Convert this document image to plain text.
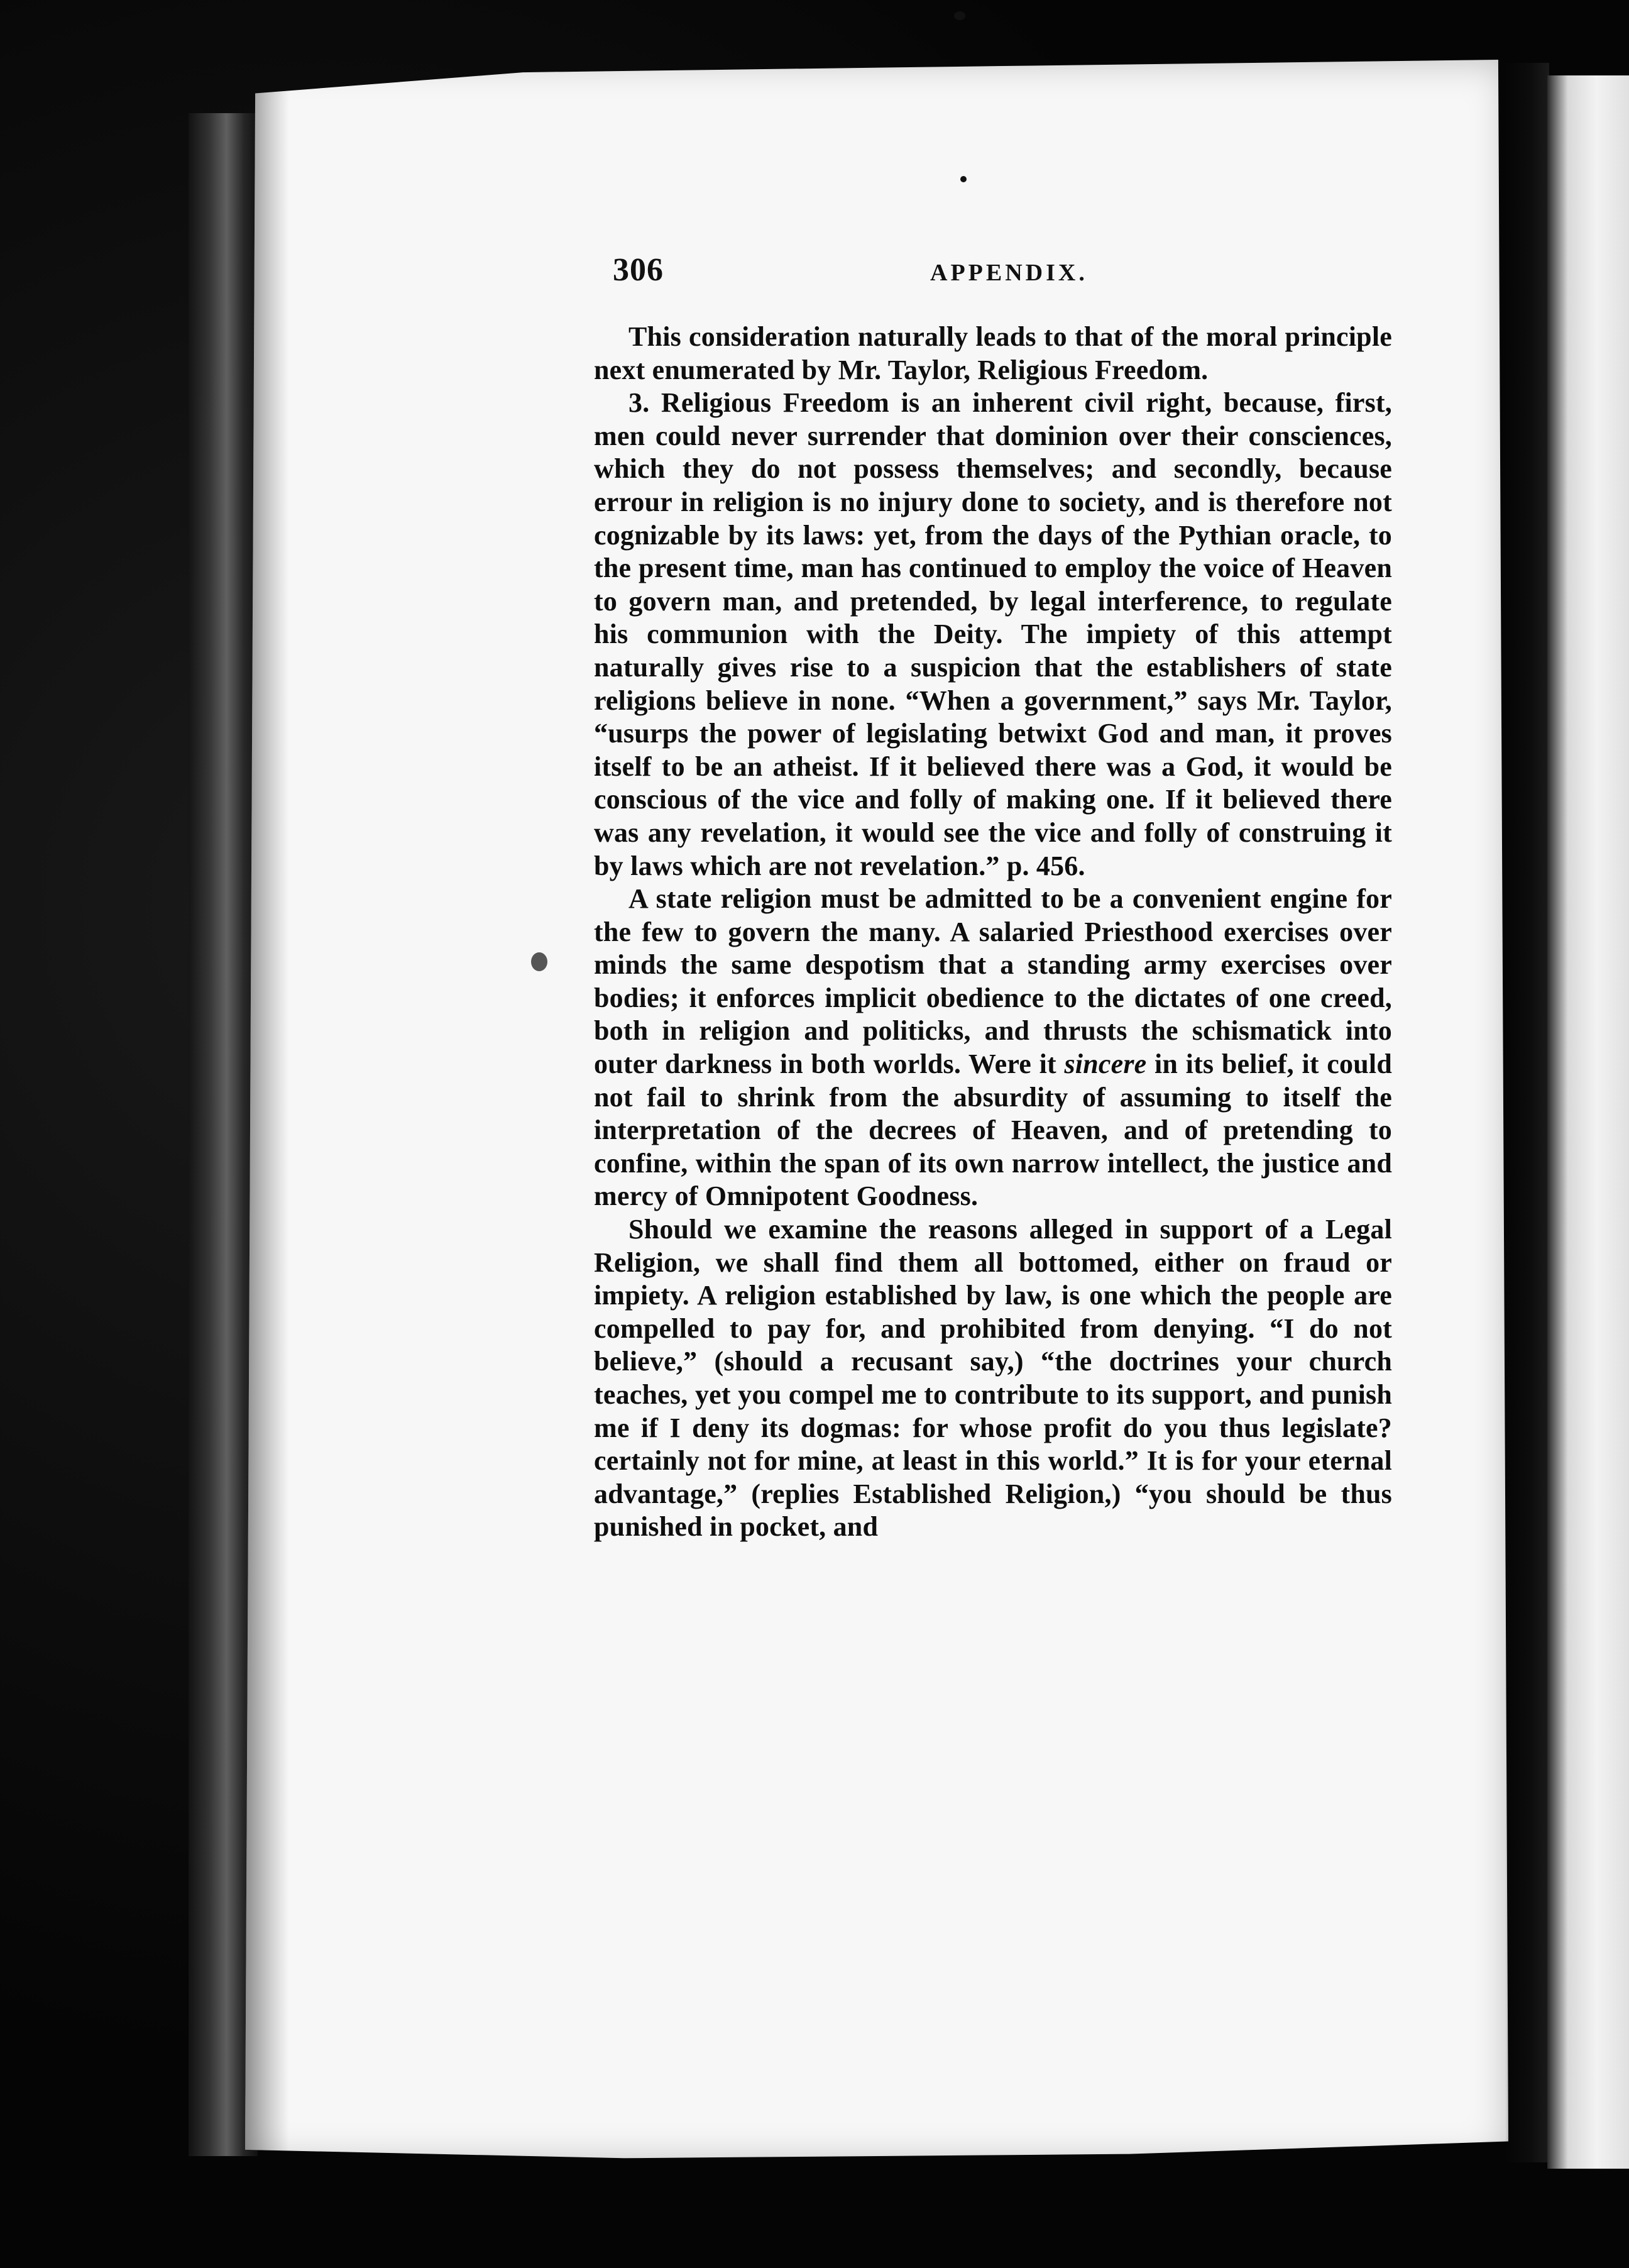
306	APPENDIX.

This consideration naturally leads to that of the moral principle next enumerated by Mr. Taylor, Religious Freedom.

3. Religious Freedom is an inherent civil right, because, first, men could never surrender that dominion over their consciences, which they do not possess themselves; and secondly, because errour in religion is no injury done to society, and is therefore not cognizable by its laws: yet, from the days of the Pythian oracle, to the present time, man has continued to employ the voice of Heaven to govern man, and pretended, by legal interference, to regulate his communion with the Deity. The impiety of this attempt naturally gives rise to a suspicion that the establishers of state religions believe in none. “When a government,” says Mr. Taylor, “usurps the power of legislating betwixt God and man, it proves itself to be an atheist. If it believed there was a God, it would be conscious of the vice and folly of making one. If it believed there was any revelation, it would see the vice and folly of construing it by laws which are not revelation.” p. 456.

A state religion must be admitted to be a convenient engine for the few to govern the many. A salaried Priesthood exercises over minds the same despotism that a standing army exercises over bodies; it enforces implicit obedience to the dictates of one creed, both in religion and politicks, and thrusts the schismatick into outer darkness in both worlds. Were it sincere in its belief, it could not fail to shrink from the absurdity of assuming to itself the interpretation of the decrees of Heaven, and of pretending to confine, within the span of its own narrow intellect, the justice and mercy of Omnipotent Goodness.

Should we examine the reasons alleged in support of a Legal Religion, we shall find them all bottomed, either on fraud or impiety. A religion established by law, is one which the people are compelled to pay for, and prohibited from denying. “I do not believe,” (should a recusant say,) “the doctrines your church teaches, yet you compel me to contribute to its support, and punish me if I deny its dogmas: for whose profit do you thus legislate? certainly not for mine, at least in this world.” It is for your eternal advantage,” (replies Established Religion,) “you should be thus punished in pocket, and
